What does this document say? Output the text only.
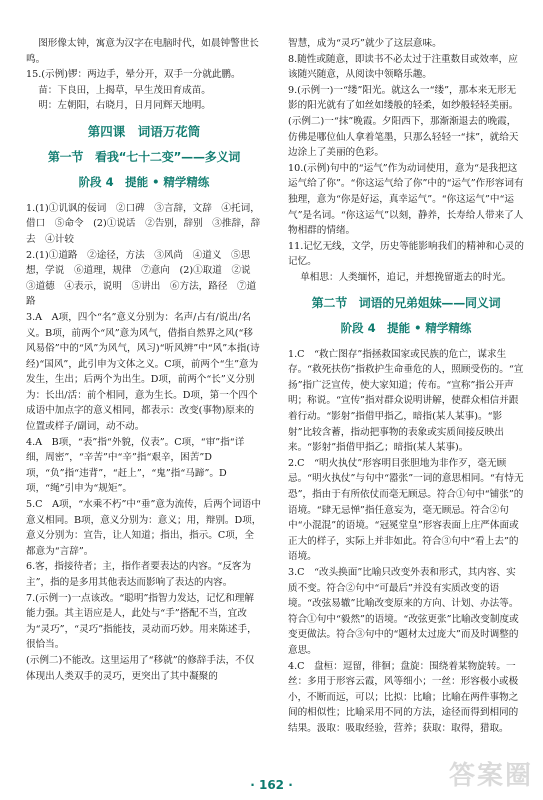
图形像太钟，寓意为汉字在电脑时代，如晨钟警世长鸣。

15.(示例)锣：两边手，晕分开，双手一分就此鹏。

苗：下良田，上揭草，早生茂田育成苗。

明：左朝阳，右晓月，日月同辉天地明。

第四课　词语万花筒

第一节　看我“七十二变”——多义词

阶段 4　提能 • 精学精练

1.(1)①讥讽的佞词　②口碑　③言辞，文辞　④托词，借口　⑤命令　(2)①说话　②告别，辞别　③推辞，辞去　④计较

2.(1)①道路　②途径，方法　③风尚　④道义　⑤思想，学说　⑥道理，规律　⑦意向　(2)①取道　②说　③道德　④表示，说明　⑤讲出　⑥方法，路径　⑦道路

3.A　A项，四个“名”意义分别为：名声/占有/说出/名义。B项，前两个“风”意为风气，借指自然界之风(“移风易俗”中的“风”为风气，风习)“听风辨”中“风”本指(诗经)“国风”，此引申为文体之义。C项，前两个“生”意为发生，生出；后两个为出生。D项，前两个“长”义分别为：长出/活：前个相同，意为生长。D项，第一个四个成语中加点字的意义相同，都表示：改变(事物)原来的位置或样子/副词，动不动。

4.A　B项，“表”指“外貌，仪表”。C项，“审”指“详细，周密”，“辛苦”中“辛”指“艰辛，困苦”D项，“负”指“违背”，“赶上”，“鬼”指“马蹄”。D项，“绳”引申为“规矩”。

5.C　A项，“水乘不朽”中“垂”意为流传，后两个词语中意义相同。B项，意义分别为：意义；用，辩别。D项，意义分别为：宣告，让人知道；指出，指示。C项，全都意为“言辞”。

6.客，指接待者；主，指作者要表达的内容。“反客为主”，指的是多用其他表达而影响了表达的内容。

7.(示例一)一点该改。“聪明”指智力发达，记忆和理解能力强。其主语应是人，此处与“手”搭配不当，宜改为“灵巧”，“灵巧”指能技，灵动而巧妙。用来陈述手，很恰当。

(示例二)不能改。这里运用了“移就”的修辞手法，不仅体现出人类双手的灵巧，更突出了其中凝聚的

智慧，成为“灵巧”就少了这层意味。

8.随性或随意，即读书不必太过于注重数目或效率，应该随兴随意，从阅读中领略乐趣。

9.(示例一)一“缕”阳光。就这么一“缕”，那本来无形无影的阳光就有了如丝如缕般的轻柔，如纱般轻轻美丽。(示例二)一“抹”晚霞。夕阳西下，那渐渐退去的晚霞，仿佛是哪位仙人拿着笔墨，只那么轻轻一“抹”，就给天边涂上了美丽的色彩。

10.(示例)句中的“运气”作为动词使用，意为“是我把这运气给了你”。“你这运气给了你”中的“运气”作形容词有独理，意为“你是好运，真幸运气”。“你这运气”中“运气”是名词。“你这运气”以刻，静养，长寿给人带来了人物相群的情绪。

11.记忆无线，文学，历史等能影响我们的精神和心灵的记忆。

单相思：人类缅怀，追记，并想挽留逝去的时光。

第二节　词语的兄弟姐妹——同义词

阶段 4　提能 • 精学精练

1.C　“救亡图存”指拯救国家或民族的危亡，谋求生存。“救死扶伤”指救护生命垂危的人，照顾受伤的。“宣扬”指广泛宣传，使大家知道；传布。“宣称”指公开声明；称说。“宣传”指对群众说明讲解，使群众相信并跟着行动。“影射”指借甲指乙，暗指(某人某事)。“影射”比较含蓄，指动把事物的表象或实质间接反映出来。“影射”指借甲指乙；暗指(某人某事)。

2.C　“明火执仗”形容明目张胆地为非作歹，毫无顾忌。“明火执仗”与句中“嚣张”一词的意思相同。“有恃无恐”，指由于有所依仗而毫无顾忌。符合①句中“铺张”的语境。“肆无忌惮”指任意妄为，毫无顾忌。符合②句中“小混混”的语境。“冠冕堂皇”形容表面上庄严体面或正大的样子，实际上并非如此。符合③句中“看上去”的语境。

3.C　“改头换面”比喻只改变外表和形式，其内容、实质不变。符合②句中“可最后”并没有实质改变的语境。“改弦易辙”比喻改变原来的方向、计划、办法等。符合①句中“毅然”的语境。“改弦更张”比喻改变制度或变更做法。符合③句中的“题材太过庞大”而及时调整的意思。

4.C　盘桓：逗留，徘徊；盘旋：围绕着某物旋转。一丝：多用于形容云霞，风等细小；一丝：形容极小或极小，不断而远，可以；比拟：比喻；比喻在两件事物之间的相似性；比喻采用不同的方法，途径而得到相同的结果。汲取：吸取经验，营养；获取：取得，猎取。

· 162 ·	答案圈
